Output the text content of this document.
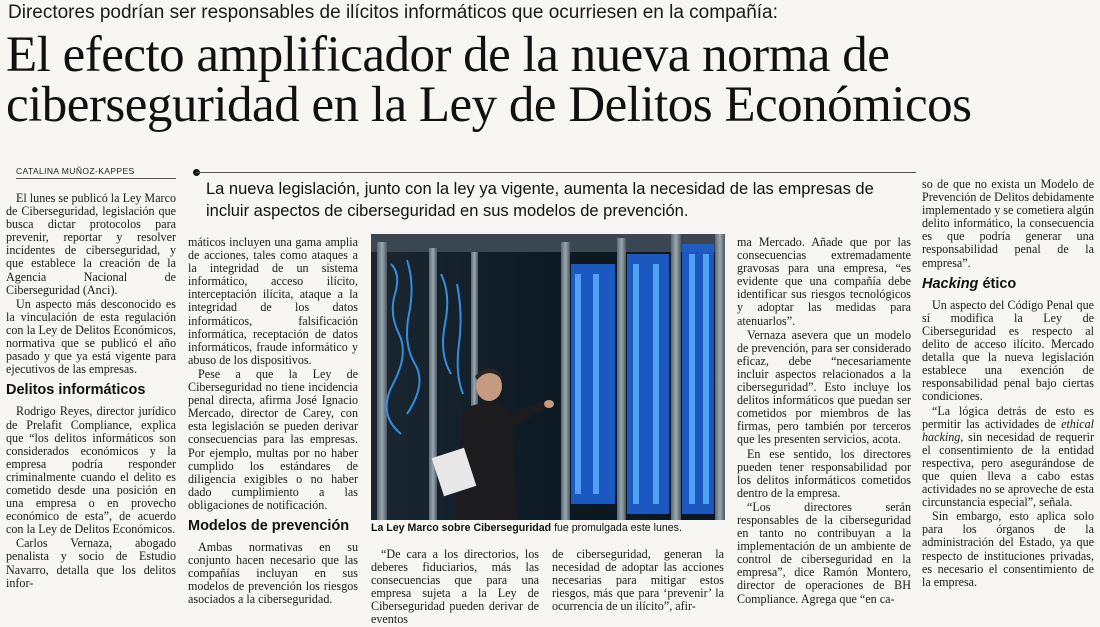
Directores podrían ser responsables de ilícitos informáticos que ocurriesen en la compañía:
El efecto amplificador de la nueva norma de ciberseguridad en la Ley de Delitos Económicos
CATALINA MUÑOZ-KAPPES
La nueva legislación, junto con la ley ya vigente, aumenta la necesidad de las empresas de incluir aspectos de ciberseguridad en sus modelos de prevención.

El lunes se publicó la Ley Marco de Ciberseguridad, legislación que busca dictar protocolos para prevenir, reportar y resolver incidentes de ciberseguridad, y que establece la creación de la Agencia Nacional de Ciberseguridad (Anci).

Un aspecto más desconocido es la vinculación de esta regulación con la Ley de Delitos Económicos, normativa que se publicó el año pasado y que ya está vigente para ejecutivos de las empresas.

Delitos informáticos

Rodrigo Reyes, director jurídico de Prelafit Compliance, explica que “los delitos informáticos son considerados económicos y la empresa podría responder criminalmente cuando el delito es cometido desde una posición en una empresa o en provecho económico de esta”, de acuerdo con la Ley de Delitos Económicos.

Carlos Vernaza, abogado penalista y socio de Estudio Navarro, detalla que los delitos infor-

máticos incluyen una gama amplia de acciones, tales como ataques a la integridad de un sistema informático, acceso ilícito, interceptación ilícita, ataque a la integridad de los datos informáticos, falsificación informática, receptación de datos informáticos, fraude informático y abuso de los dispositivos.

Pese a que la Ley de Ciberseguridad no tiene incidencia penal directa, afirma José Ignacio Mercado, director de Carey, con esta legislación se pueden derivar consecuencias para las empresas. Por ejemplo, multas por no haber cumplido los estándares de diligencia exigibles o no haber dado cumplimiento a las obligaciones de notificación.

Modelos de prevención

Ambas normativas en su conjunto hacen necesario que las compañías incluyan en sus modelos de prevención los riesgos asociados a la ciberseguridad.

La Ley Marco sobre Ciberseguridad fue promulgada este lunes.

“De cara a los directorios, los deberes fiduciarios, más las consecuencias que para una empresa sujeta a la Ley de Ciberseguridad pueden derivar de eventos

de ciberseguridad, generan la necesidad de adoptar las acciones necesarias para mitigar estos riesgos, más que para ‘prevenir’ la ocurrencia de un ilícito”, afir-

ma Mercado. Añade que por las consecuencias extremadamente gravosas para una empresa, “es evidente que una compañía debe identificar sus riesgos tecnológicos y adoptar las medidas para atenuarlos”.

Vernaza asevera que un modelo de prevención, para ser considerado eficaz, debe “necesariamente incluir aspectos relacionados a la ciberseguridad”. Esto incluye los delitos informáticos que puedan ser cometidos por miembros de las firmas, pero también por terceros que les presenten servicios, acota.

En ese sentido, los directores pueden tener responsabilidad por los delitos informáticos cometidos dentro de la empresa.

“Los directores serán responsables de la ciberseguridad en tanto no contribuyan a la implementación de un ambiente de control de ciberseguridad en la empresa”, dice Ramón Montero, director de operaciones de BH Compliance. Agrega que “en ca-

so de que no exista un Modelo de Prevención de Delitos debidamente implementado y se cometiera algún delito informático, la consecuencia es que podría generar una responsabilidad penal de la empresa”.

Hacking ético

Un aspecto del Código Penal que sí modifica la Ley de Ciberseguridad es respecto al delito de acceso ilícito. Mercado detalla que la nueva legislación establece una exención de responsabilidad penal bajo ciertas condiciones.

“La lógica detrás de esto es permitir las actividades de ethical hacking, sin necesidad de requerir el consentimiento de la entidad respectiva, pero asegurándose de que quien lleva a cabo estas actividades no se aproveche de esta circunstancia especial”, señala.

Sin embargo, esto aplica solo para los órganos de la administración del Estado, ya que respecto de instituciones privadas, es necesario el consentimiento de la empresa.
